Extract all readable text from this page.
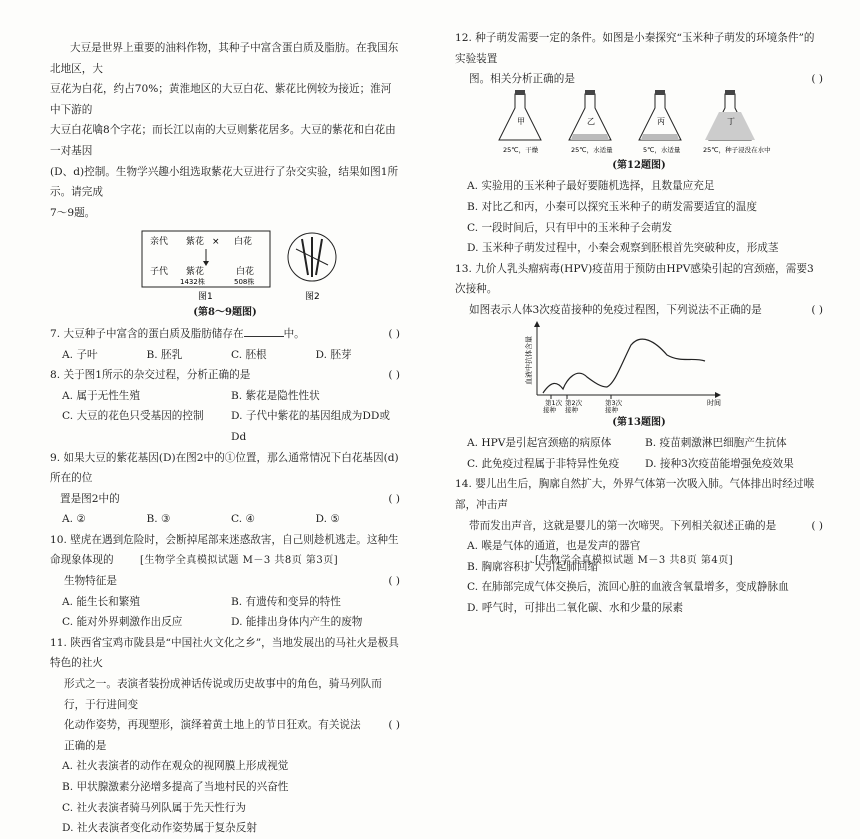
大豆是世界上重要的油料作物，其种子中富含蛋白质及脂肪。在我国东北地区，大

豆花为白花，约占70%；黄淮地区的大豆白花、紫花比例较为接近；淮河中下游的

大豆白花噙8个字花；而长江以南的大豆则紫花居多。大豆的紫花和白花由一对基因

(D、d)控制。生物学兴趣小组选取紫花大豆进行了杂交实验，结果如图1所示。请完成

7～9题。

亲代 紫花 × 白花
子代 紫花	白花
1432株	508株
图1	图2
(第8～9题图)
7. 大豆种子中富含的蛋白质及脂肪储存在	中。	( )
A. 子叶	B. 胚乳	C. 胚根	D. 胚芽
8. 关于图1所示的杂交过程，分析正确的是	( )
A. 属于无性生殖	B. 紫花是隐性性状
C. 大豆的花色只受基因的控制	D. 子代中紫花的基因组成为DD或Dd

9. 如果大豆的紫花基因(D)在图2中的①位置，那么通常情况下白花基因(d)所在的位

置是图2中的	( )
A. ②	B. ③	C. ④	D. ⑤

10. 壁虎在遇到危险时，会断掉尾部来迷惑敌害，自己则趁机逃走。这种生命现象体现的

生物特征是	( )
A. 能生长和繁殖	B. 有遗传和变异的特性
C. 能对外界刺激作出反应	D. 能排出身体内产生的废物

11. 陕西省宝鸡市陇县是“中国社火文化之乡”，当地发展出的马社火是极具特色的社火

形式之一。表演者装扮成神话传说或历史故事中的角色，骑马列队而行，于行进间变

化动作姿势，再现塑形，演绎着黄土地上的节日狂欢。有关说法正确的是
( )
A. 社火表演者的动作在观众的视网膜上形成视觉
B. 甲状腺激素分泌增多提高了当地村民的兴奋性
C. 社火表演者骑马列队属于先天性行为
D. 社火表演者变化动作姿势属于复杂反射
[生物学全真模拟试题 M－3 共8页 第3页]

12. 种子萌发需要一定的条件。如图是小秦探究“玉米种子萌发的环境条件”的实验装置

图。相关分析正确的是	( )
甲
25℃，干燥
乙
25℃，水适量
丙
5℃，水适量
丁
25℃，种子浸没在水中
(第12题图)
A. 实验用的玉米种子最好要随机选择，且数量应充足
B. 对比乙和丙，小秦可以探究玉米种子的萌发需要适宜的温度
C. 一段时间后，只有甲中的玉米种子会萌发
D. 玉米种子萌发过程中，小秦会观察到胚根首先突破种皮，形成茎

13. 九价人乳头瘤病毒(HPV)疫苗用于预防由HPV感染引起的宫颈癌，需要3次接种。

如图表示人体3次疫苗接种的免疫过程图，下列说法不正确的是	( )
血液中抗体含量
时间
第1次
接种
第2次
接种
第3次
接种
(第13题图)
A. HPV是引起宫颈癌的病原体	B. 疫苗刺激淋巴细胞产生抗体
C. 此免疫过程属于非特异性免疫	D. 接种3次疫苗能增强免疫效果

14. 婴儿出生后，胸廓自然扩大，外界气体第一次吸入肺。气体排出时经过喉部，冲击声

带而发出声音，这就是婴儿的第一次啼哭。下列相关叙述正确的是	( )
A. 喉是气体的通道，也是发声的器官
B. 胸廓容积扩大引起肺回缩
C. 在肺部完成气体交换后，流回心脏的血液含氧量增多，变成静脉血
D. 呼气时，可排出二氧化碳、水和少量的尿素
[生物学全真模拟试题 M－3 共8页 第4页]
